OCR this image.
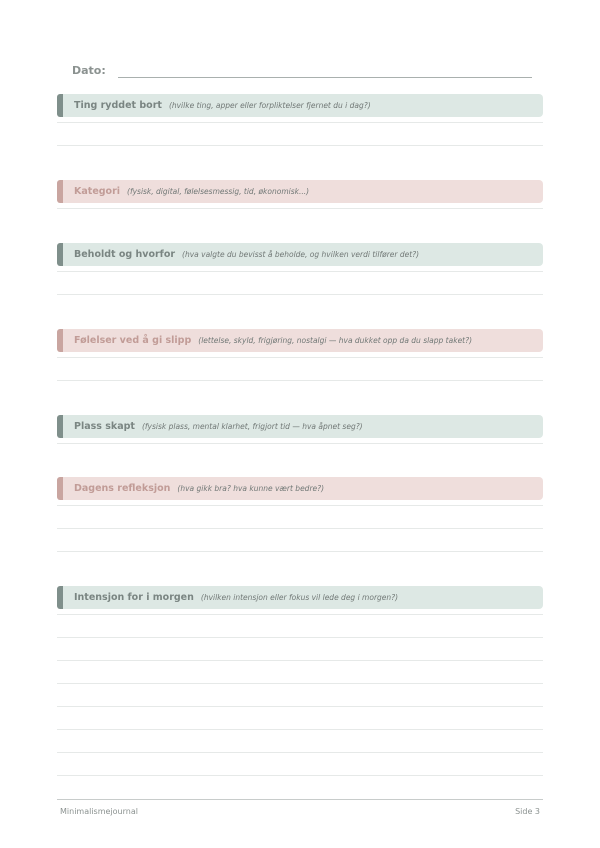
Dato:
Ting ryddet bort (hvilke ting, apper eller forpliktelser fjernet du i dag?)
Kategori (fysisk, digital, følelsesmessig, tid, økonomisk...)
Beholdt og hvorfor (hva valgte du bevisst å beholde, og hvilken verdi tilfører det?)
Følelser ved å gi slipp (lettelse, skyld, frigjøring, nostalgi — hva dukket opp da du slapp taket?)
Plass skapt (fysisk plass, mental klarhet, frigjort tid — hva åpnet seg?)
Dagens refleksjon (hva gikk bra? hva kunne vært bedre?)
Intensjon for i morgen (hvilken intensjon eller fokus vil lede deg i morgen?)
Minimalismejournal	Side 3
